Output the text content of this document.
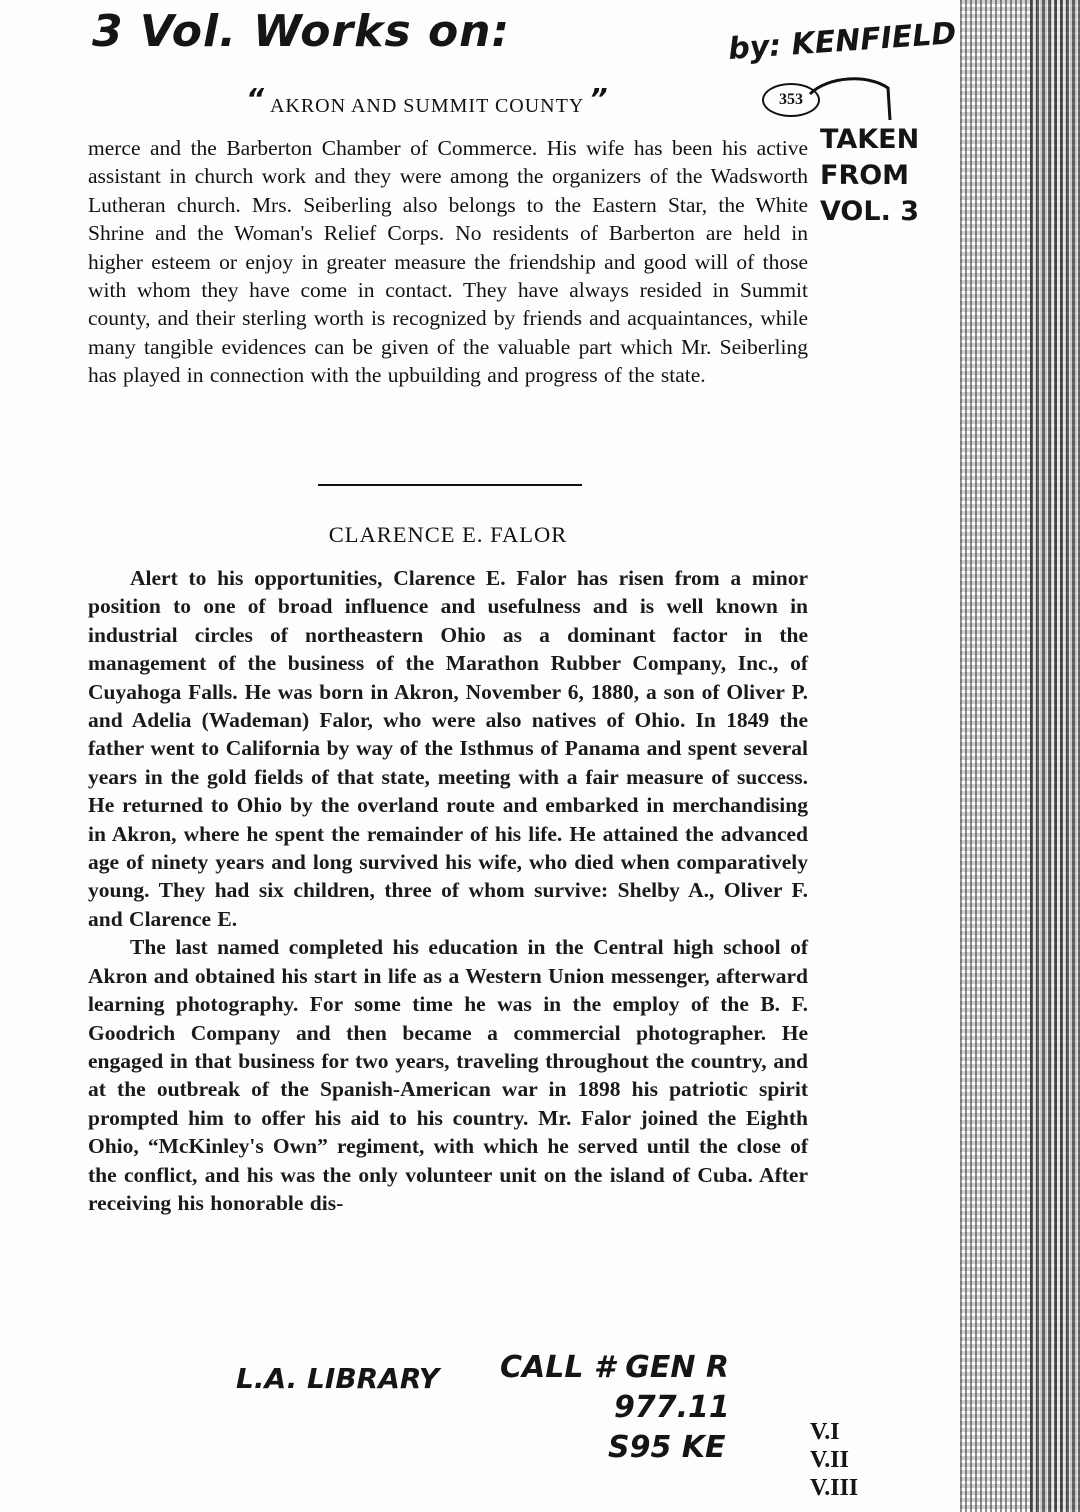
3 Vol. Works on:	by: KENFIELD
“ AKRON AND SUMMIT COUNTY ”	353
TAKEN
FROM
VOL. 3
merce and the Barberton Chamber of Commerce. His wife has been his active assistant in church work and they were among the organizers of the Wadsworth Lutheran church. Mrs. Seiberling also belongs to the Eastern Star, the White Shrine and the Woman's Relief Corps. No residents of Barberton are held in higher esteem or enjoy in greater measure the friendship and good will of those with whom they have come in contact. They have always resided in Summit county, and their sterling worth is recognized by friends and acquaintances, while many tangible evidences can be given of the valuable part which Mr. Seiberling has played in connection with the upbuilding and progress of the state.
CLARENCE E. FALOR

Alert to his opportunities, Clarence E. Falor has risen from a minor position to one of broad influence and usefulness and is well known in industrial circles of northeastern Ohio as a dominant factor in the management of the business of the Marathon Rubber Company, Inc., of Cuyahoga Falls. He was born in Akron, November 6, 1880, a son of Oliver P. and Adelia (Wademan) Falor, who were also natives of Ohio. In 1849 the father went to California by way of the Isthmus of Panama and spent several years in the gold fields of that state, meeting with a fair measure of success. He returned to Ohio by the overland route and embarked in merchandising in Akron, where he spent the remainder of his life. He attained the advanced age of ninety years and long survived his wife, who died when comparatively young. They had six children, three of whom survive: Shelby A., Oliver F. and Clarence E.

The last named completed his education in the Central high school of Akron and obtained his start in life as a Western Union messenger, afterward learning photography. For some time he was in the employ of the B. F. Goodrich Company and then became a commercial photographer. He engaged in that business for two years, traveling throughout the country, and at the outbreak of the Spanish-American war in 1898 his patriotic spirit prompted him to offer his aid to his country. Mr. Falor joined the Eighth Ohio, “McKinley's Own” regiment, with which he served until the close of the conflict, and his was the only volunteer unit on the island of Cuba. After receiving his honorable dis-

L.A. LIBRARY CALL # GEN R
977.11
S95 KE	V.I
V.II
V.III
